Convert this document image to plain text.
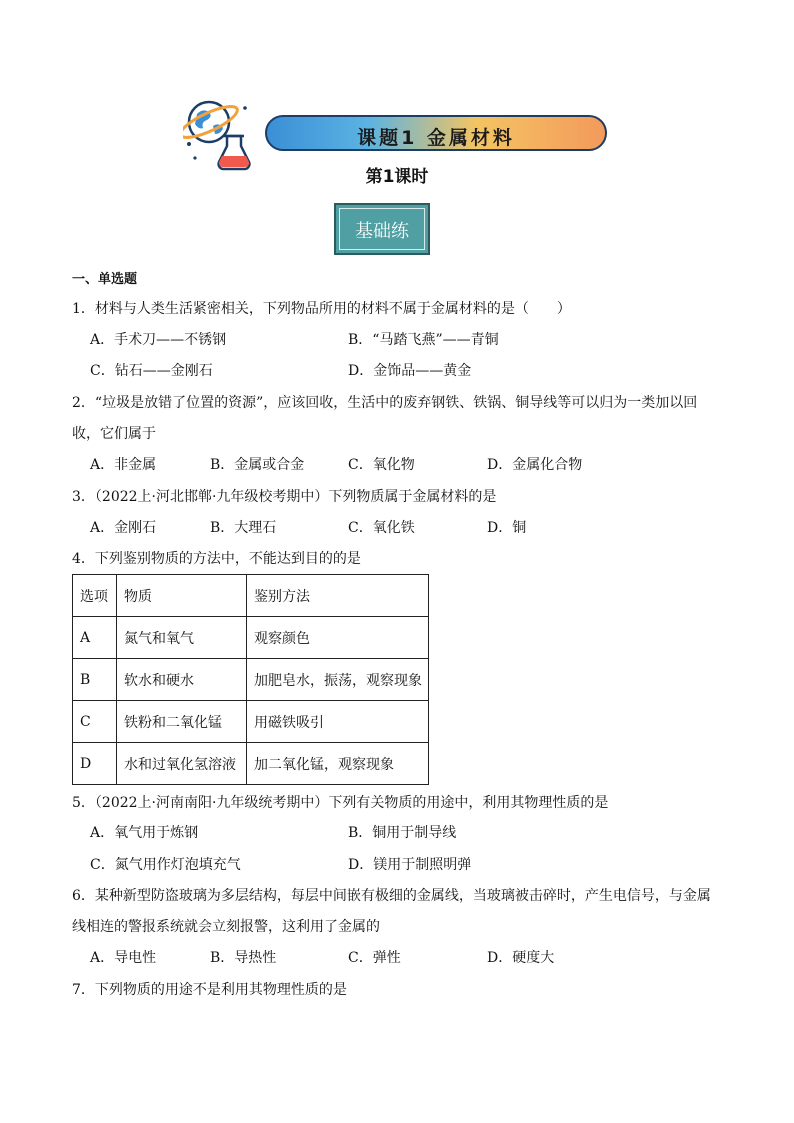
课题1 金属材料
第1课时
基础练
一、单选题
1．材料与人类生活紧密相关，下列物品所用的材料不属于金属材料的是（　　）
A．手术刀——不锈钢	B．“马踏飞燕”——青铜
C．钻石——金刚石	D．金饰品——黄金
2．“垃圾是放错了位置的资源”，应该回收，生活中的废弃钢铁、铁锅、铜导线等可以归为一类加以回
收，它们属于
A．非金属	B．金属或合金	C．氧化物	D．金属化合物
3．（2022上·河北邯郸·九年级校考期中）下列物质属于金属材料的是
A．金刚石	B．大理石	C．氧化铁	D．铜
4．下列鉴别物质的方法中，不能达到目的的是
选项	物质	鉴别方法
A	氮气和氧气	观察颜色
B	软水和硬水	加肥皂水，振荡，观察现象
C	铁粉和二氧化锰	用磁铁吸引
D	水和过氧化氢溶液	加二氧化锰，观察现象
5．（2022上·河南南阳·九年级统考期中）下列有关物质的用途中，利用其物理性质的是
A．氧气用于炼钢	B．铜用于制导线
C．氮气用作灯泡填充气	D．镁用于制照明弹
6．某种新型防盗玻璃为多层结构，每层中间嵌有极细的金属线，当玻璃被击碎时，产生电信号，与金属
线相连的警报系统就会立刻报警，这利用了金属的
A．导电性	B．导热性	C．弹性	D．硬度大
7．下列物质的用途不是利用其物理性质的是
